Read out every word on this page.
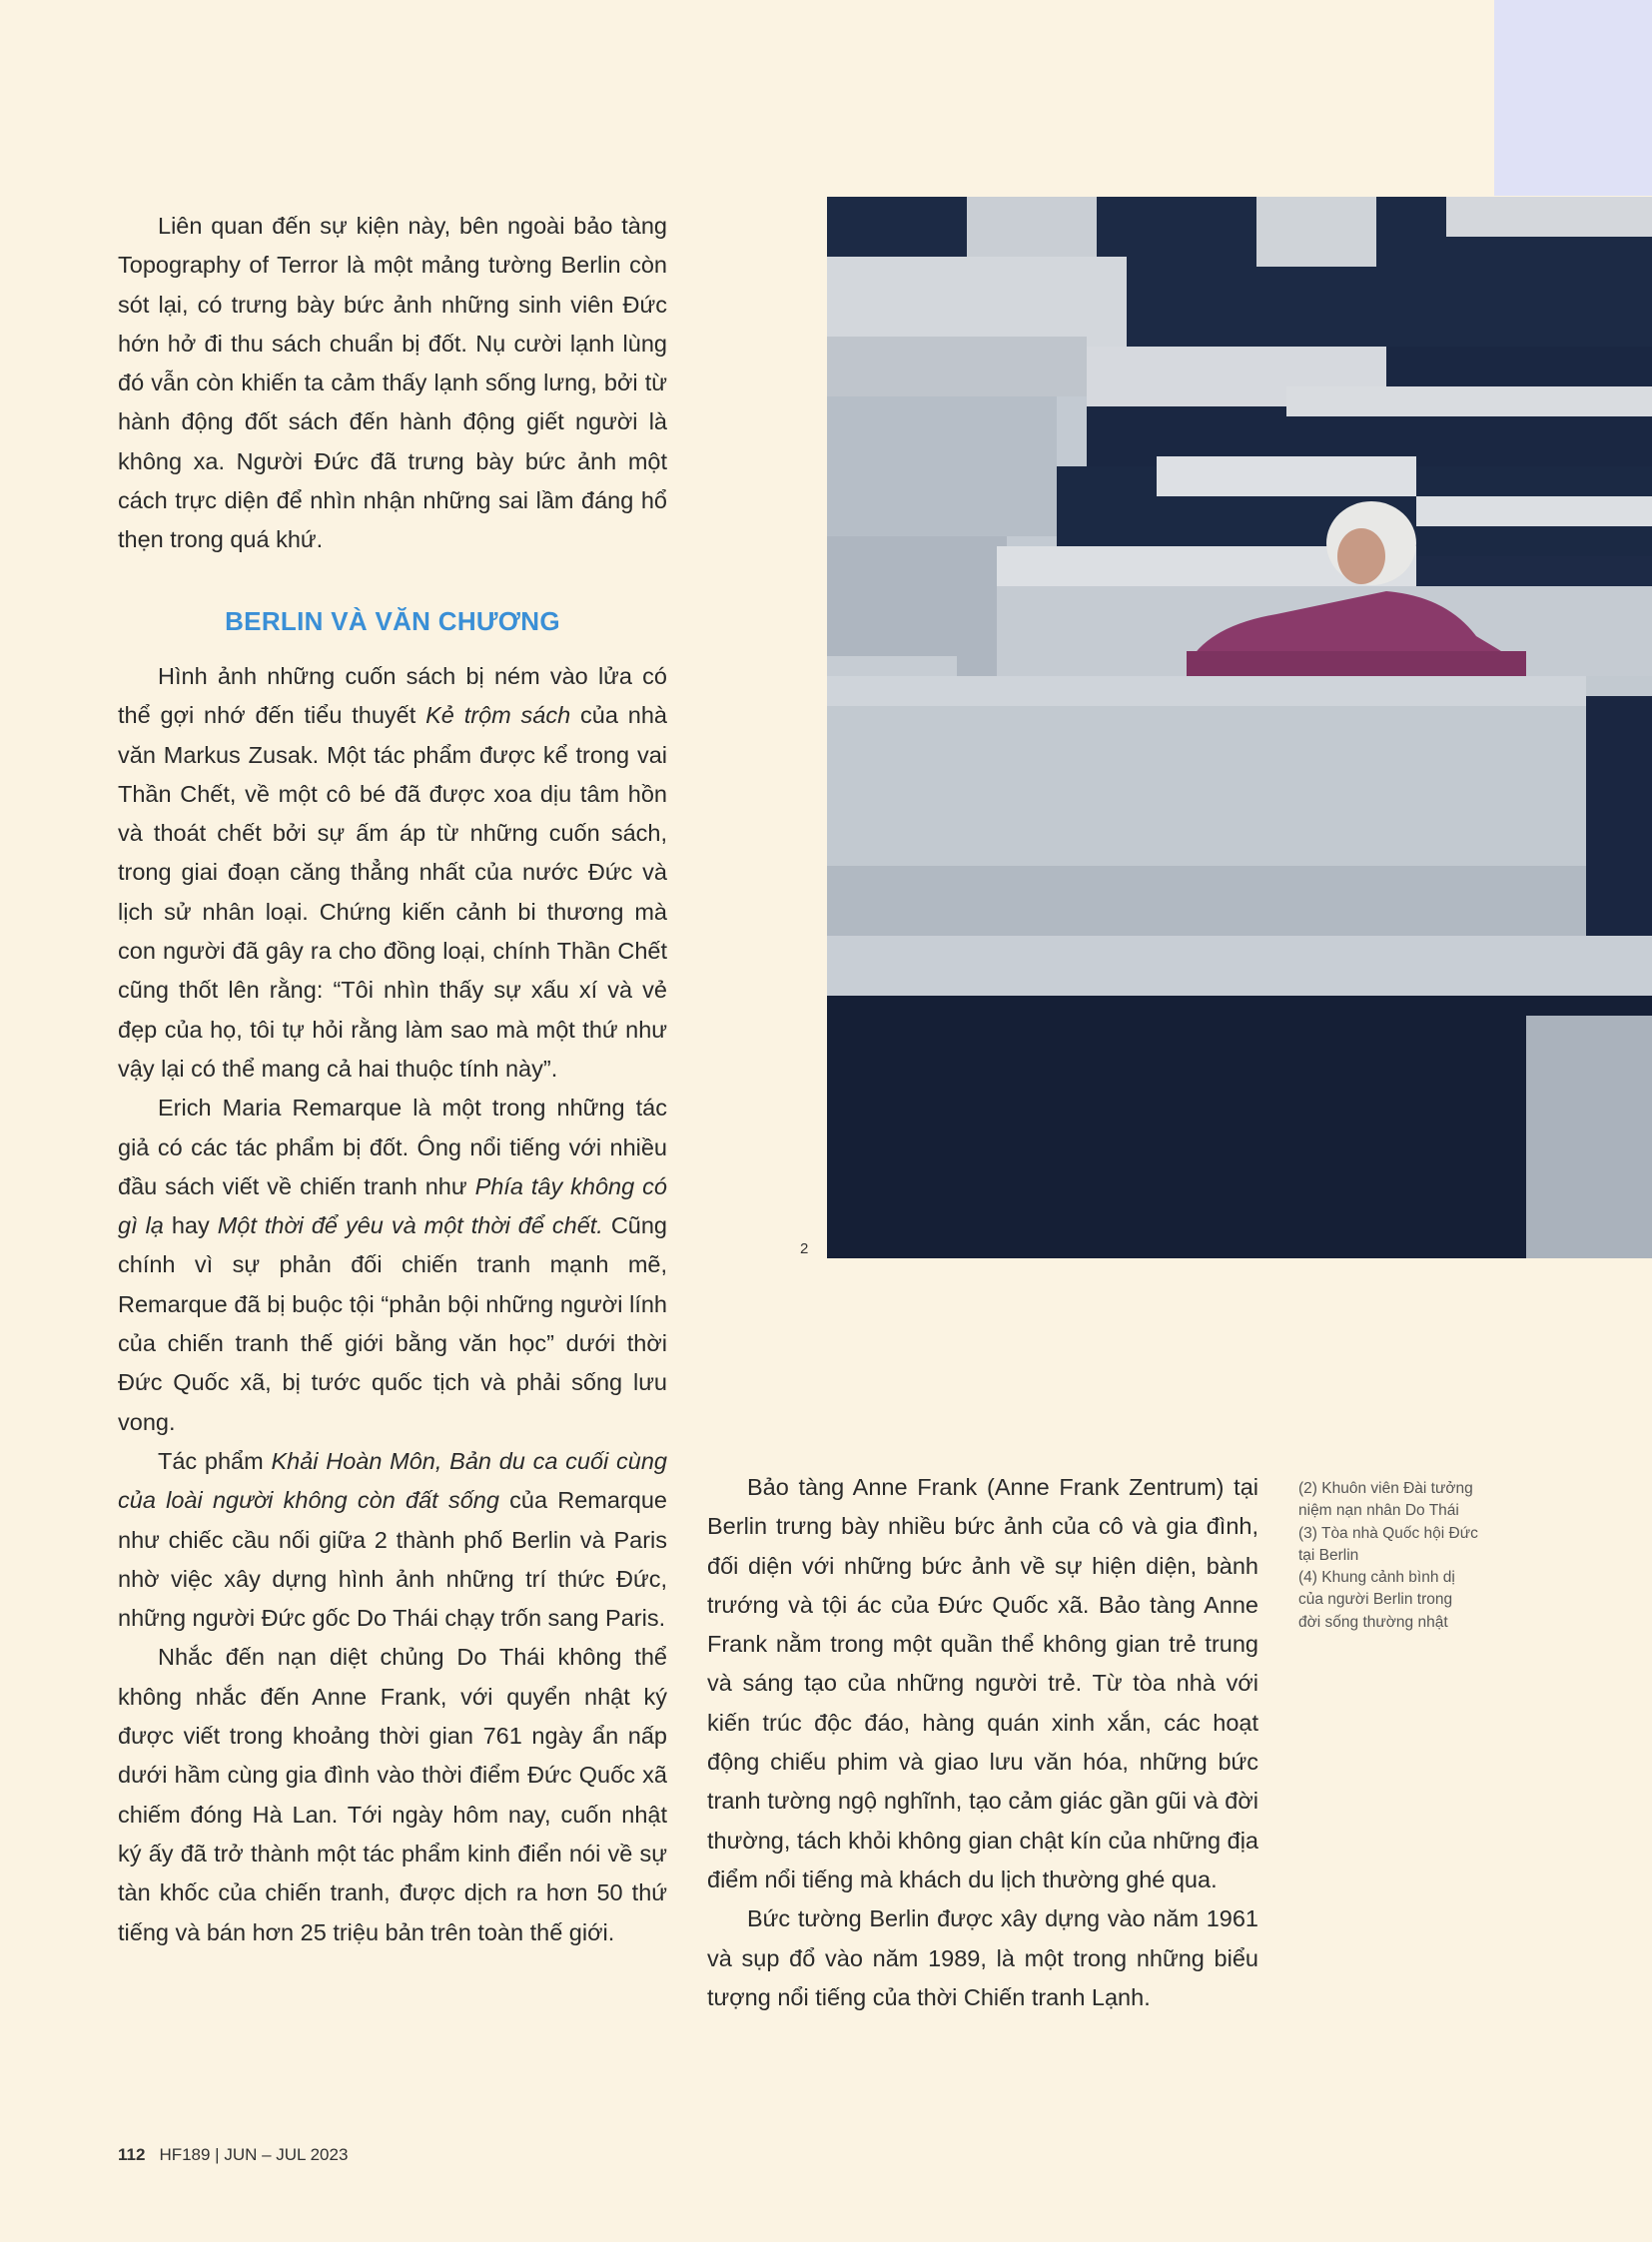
Liên quan đến sự kiện này, bên ngoài bảo tàng Topography of Terror là một mảng tường Berlin còn sót lại, có trưng bày bức ảnh những sinh viên Đức hớn hở đi thu sách chuẩn bị đốt. Nụ cười lạnh lùng đó vẫn còn khiến ta cảm thấy lạnh sống lưng, bởi từ hành động đốt sách đến hành động giết người là không xa. Người Đức đã trưng bày bức ảnh một cách trực diện để nhìn nhận những sai lầm đáng hổ thẹn trong quá khứ.

BERLIN VÀ VĂN CHƯƠNG

Hình ảnh những cuốn sách bị ném vào lửa có thể gợi nhớ đến tiểu thuyết Kẻ trộm sách của nhà văn Markus Zusak. Một tác phẩm được kể trong vai Thần Chết, về một cô bé đã được xoa dịu tâm hồn và thoát chết bởi sự ấm áp từ những cuốn sách, trong giai đoạn căng thẳng nhất của nước Đức và lịch sử nhân loại. Chứng kiến cảnh bi thương mà con người đã gây ra cho đồng loại, chính Thần Chết cũng thốt lên rằng: “Tôi nhìn thấy sự xấu xí và vẻ đẹp của họ, tôi tự hỏi rằng làm sao mà một thứ như vậy lại có thể mang cả hai thuộc tính này”.

Erich Maria Remarque là một trong những tác giả có các tác phẩm bị đốt. Ông nổi tiếng với nhiều đầu sách viết về chiến tranh như Phía tây không có gì lạ hay Một thời để yêu và một thời để chết. Cũng chính vì sự phản đối chiến tranh mạnh mẽ, Remarque đã bị buộc tội “phản bội những người lính của chiến tranh thế giới bằng văn học” dưới thời Đức Quốc xã, bị tước quốc tịch và phải sống lưu vong.

Tác phẩm Khải Hoàn Môn, Bản du ca cuối cùng của loài người không còn đất sống của Remarque như chiếc cầu nối giữa 2 thành phố Berlin và Paris nhờ việc xây dựng hình ảnh những trí thức Đức, những người Đức gốc Do Thái chạy trốn sang Paris.

Nhắc đến nạn diệt chủng Do Thái không thể không nhắc đến Anne Frank, với quyển nhật ký được viết trong khoảng thời gian 761 ngày ẩn nấp dưới hầm cùng gia đình vào thời điểm Đức Quốc xã chiếm đóng Hà Lan. Tới ngày hôm nay, cuốn nhật ký ấy đã trở thành một tác phẩm kinh điển nói về sự tàn khốc của chiến tranh, được dịch ra hơn 50 thứ tiếng và bán hơn 25 triệu bản trên toàn thế giới.

Bảo tàng Anne Frank (Anne Frank Zentrum) tại Berlin trưng bày nhiều bức ảnh của cô và gia đình, đối diện với những bức ảnh về sự hiện diện, bành trướng và tội ác của Đức Quốc xã. Bảo tàng Anne Frank nằm trong một quần thể không gian trẻ trung và sáng tạo của những người trẻ. Từ tòa nhà với kiến trúc độc đáo, hàng quán xinh xắn, các hoạt động chiếu phim và giao lưu văn hóa, những bức tranh tường ngộ nghĩnh, tạo cảm giác gần gũi và đời thường, tách khỏi không gian chật kín của những địa điểm nổi tiếng mà khách du lịch thường ghé qua.

Bức tường Berlin được xây dựng vào năm 1961 và sụp đổ vào năm 1989, là một trong những biểu tượng nổi tiếng của thời Chiến tranh Lạnh.

2
(2) Khuôn viên Đài tưởng niệm nạn nhân Do Thái
(3) Tòa nhà Quốc hội Đức tại Berlin
(4) Khung cảnh bình dị của người Berlin trong đời sống thường nhật
112 HF189 | JUN – JUL 2023
